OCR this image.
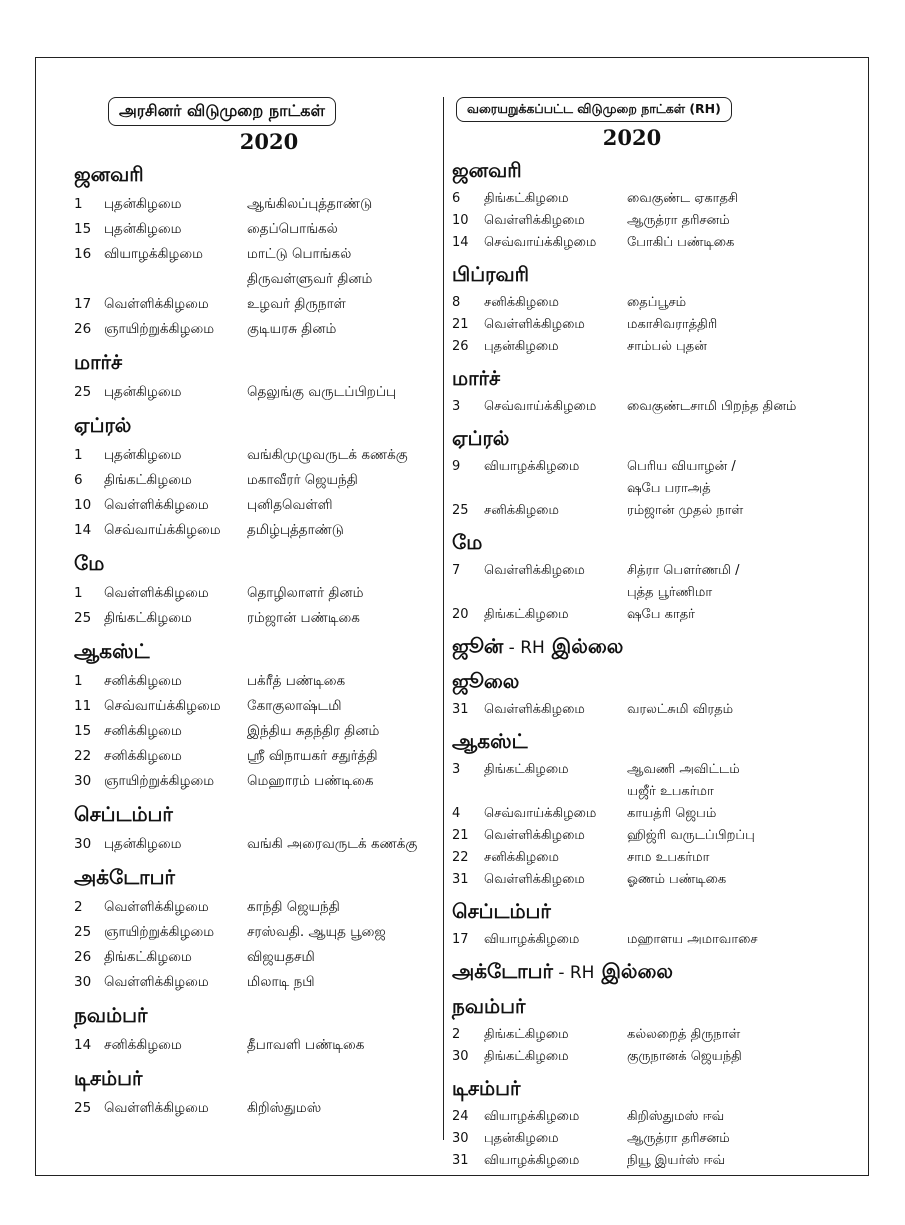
அரசினர் விடுமுறை நாட்கள்
2020
ஜனவரி
1	புதன்கிழமை	ஆங்கிலப்புத்தாண்டு
15 புதன்கிழமை	தைப்பொங்கல்
16 வியாழக்கிழமை	மாட்டு பொங்கல்
திருவள்ளுவர் தினம்
17 வெள்ளிக்கிழமை	உழவர் திருநாள்
26 ஞாயிற்றுக்கிழமை	குடியரசு தினம்
மார்ச்
25 புதன்கிழமை	தெலுங்கு வருடப்பிறப்பு
ஏப்ரல்
1	புதன்கிழமை	வங்கிமுழுவருடக் கணக்கு
6	திங்கட்கிழமை	மகாவீரர் ஜெயந்தி
10 வெள்ளிக்கிழமை	புனிதவெள்ளி
14 செவ்வாய்க்கிழமை	தமிழ்புத்தாண்டு
மே
1	வெள்ளிக்கிழமை	தொழிலாளர் தினம்
25 திங்கட்கிழமை	ரம்ஜான் பண்டிகை
ஆகஸ்ட்
1	சனிக்கிழமை	பக்ரீத் பண்டிகை
11 செவ்வாய்க்கிழமை	கோகுலாஷ்டமி
15 சனிக்கிழமை	இந்திய சுதந்திர தினம்
22 சனிக்கிழமை	ஸ்ரீ விநாயகர் சதுர்த்தி
30 ஞாயிற்றுக்கிழமை	மெஹாரம் பண்டிகை
செப்டம்பர்
30 புதன்கிழமை	வங்கி அரைவருடக் கணக்கு
அக்டோபர்
2	வெள்ளிக்கிழமை	காந்தி ஜெயந்தி
25 ஞாயிற்றுக்கிழமை	சரஸ்வதி. ஆயுத பூஜை
26 திங்கட்கிழமை	விஜயதசமி
30 வெள்ளிக்கிழமை	மிலாடி நபி
நவம்பர்
14 சனிக்கிழமை	தீபாவளி பண்டிகை
டிசம்பர்
25 வெள்ளிக்கிழமை	கிறிஸ்துமஸ்
வரையறுக்கப்பட்ட விடுமுறை நாட்கள் (RH)
2020
ஜனவரி
6	திங்கட்கிழமை	வைகுண்ட ஏகாதசி
10	வெள்ளிக்கிழமை	ஆருத்ரா தரிசனம்
14	செவ்வாய்க்கிழமை	போகிப் பண்டிகை
பிப்ரவரி
8	சனிக்கிழமை	தைப்பூசம்
21	வெள்ளிக்கிழமை	மகாசிவராத்திரி
26	புதன்கிழமை	சாம்பல் புதன்
மார்ச்
3	செவ்வாய்க்கிழமை	வைகுண்டசாமி பிறந்த தினம்
ஏப்ரல்
9	வியாழக்கிழமை	பெரிய வியாழன் /
ஷபே பராஅத்
25	சனிக்கிழமை	ரம்ஜான் முதல் நாள்
மே
7	வெள்ளிக்கிழமை	சித்ரா பௌர்ணமி /
புத்த பூர்ணிமா
20	திங்கட்கிழமை	ஷபே காதர்
ஜூன் - RH இல்லை
ஜூலை
31	வெள்ளிக்கிழமை	வரலட்சுமி விரதம்
ஆகஸ்ட்
3	திங்கட்கிழமை	ஆவணி அவிட்டம்
யஜீர் உபகர்மா
4	செவ்வாய்க்கிழமை	காயத்ரி ஜெபம்
21	வெள்ளிக்கிழமை	ஹிஜ்ரி வருடப்பிறப்பு
22	சனிக்கிழமை	சாம உபகர்மா
31	வெள்ளிக்கிழமை	ஓணம் பண்டிகை
செப்டம்பர்
17	வியாழக்கிழமை	மஹாளய அமாவாசை
அக்டோபர் - RH இல்லை
நவம்பர்
2	திங்கட்கிழமை	கல்லறைத் திருநாள்
30	திங்கட்கிழமை	குருநானக் ஜெயந்தி
டிசம்பர்
24	வியாழக்கிழமை	கிறிஸ்துமஸ் ஈவ்
30	புதன்கிழமை	ஆருத்ரா தரிசனம்
31	வியாழக்கிழமை	நியூ இயர்ஸ் ஈவ்
